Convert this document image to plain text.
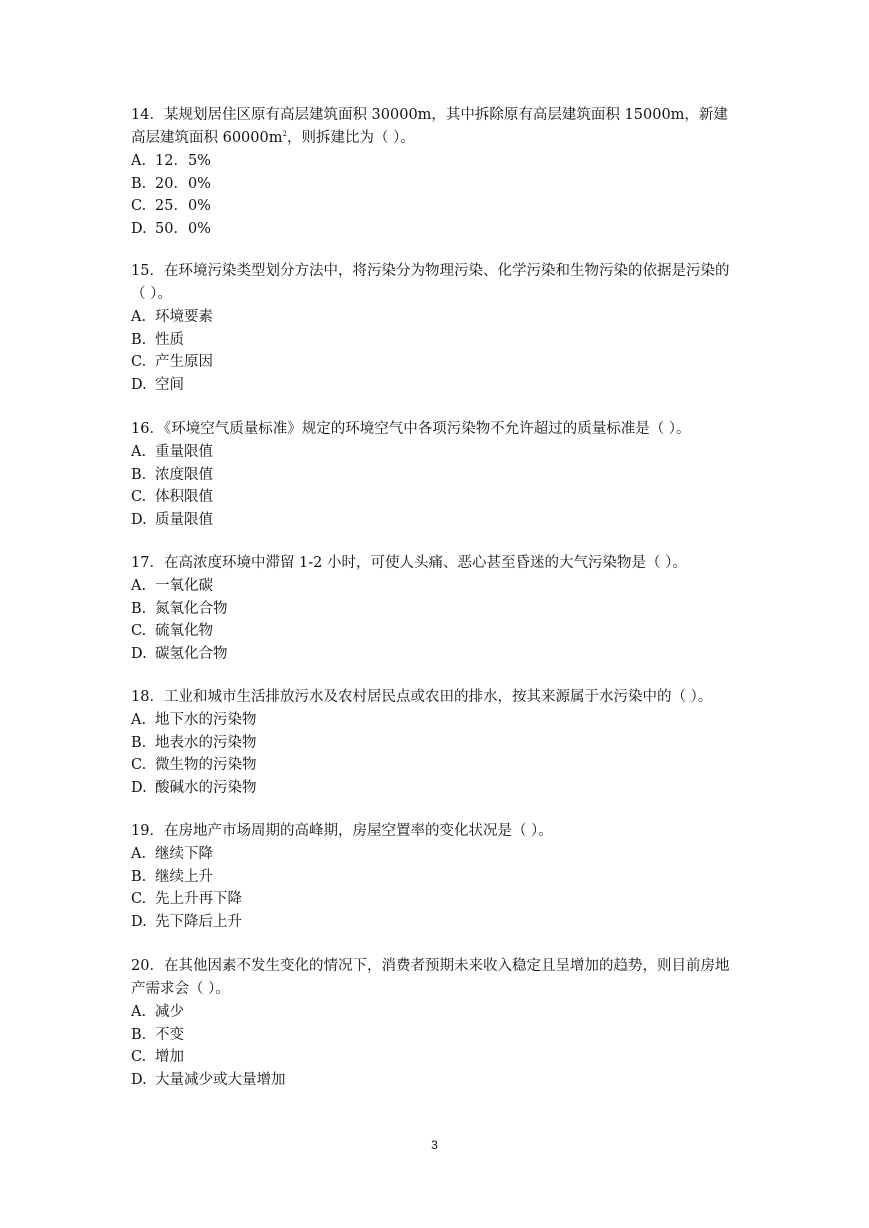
14．某规划居住区原有高层建筑面积 30000m，其中拆除原有高层建筑面积 15000m，新建高层建筑面积 $60000m^2$，则拆建比为（ ）。

A. 12．5%

B. 20．0%

C. 25．0%

D. 50．0%

15．在环境污染类型划分方法中，将污染分为物理污染、化学污染和生物污染的依据是污染的（ ）。

A. 环境要素

B. 性质

C. 产生原因

D. 空间

16．《环境空气质量标准》规定的环境空气中各项污染物不允许超过的质量标准是（ ）。

A. 重量限值

B. 浓度限值

C. 体积限值

D. 质量限值

17．在高浓度环境中滞留 1-2 小时，可使人头痛、恶心甚至昏迷的大气污染物是（ ）。

A. 一氧化碳

B. 氮氧化合物

C. 硫氧化物

D. 碳氢化合物

18．工业和城市生活排放污水及农村居民点或农田的排水，按其来源属于水污染中的（ ）。

A. 地下水的污染物

B. 地表水的污染物

C. 微生物的污染物

D. 酸碱水的污染物

19．在房地产市场周期的高峰期，房屋空置率的变化状况是（ ）。

A. 继续下降

B. 继续上升

C. 先上升再下降

D. 先下降后上升

20．在其他因素不发生变化的情况下，消费者预期未来收入稳定且呈增加的趋势，则目前房地产需求会（ ）。

A. 减少

B. 不变

C. 增加

D. 大量减少或大量增加

3
